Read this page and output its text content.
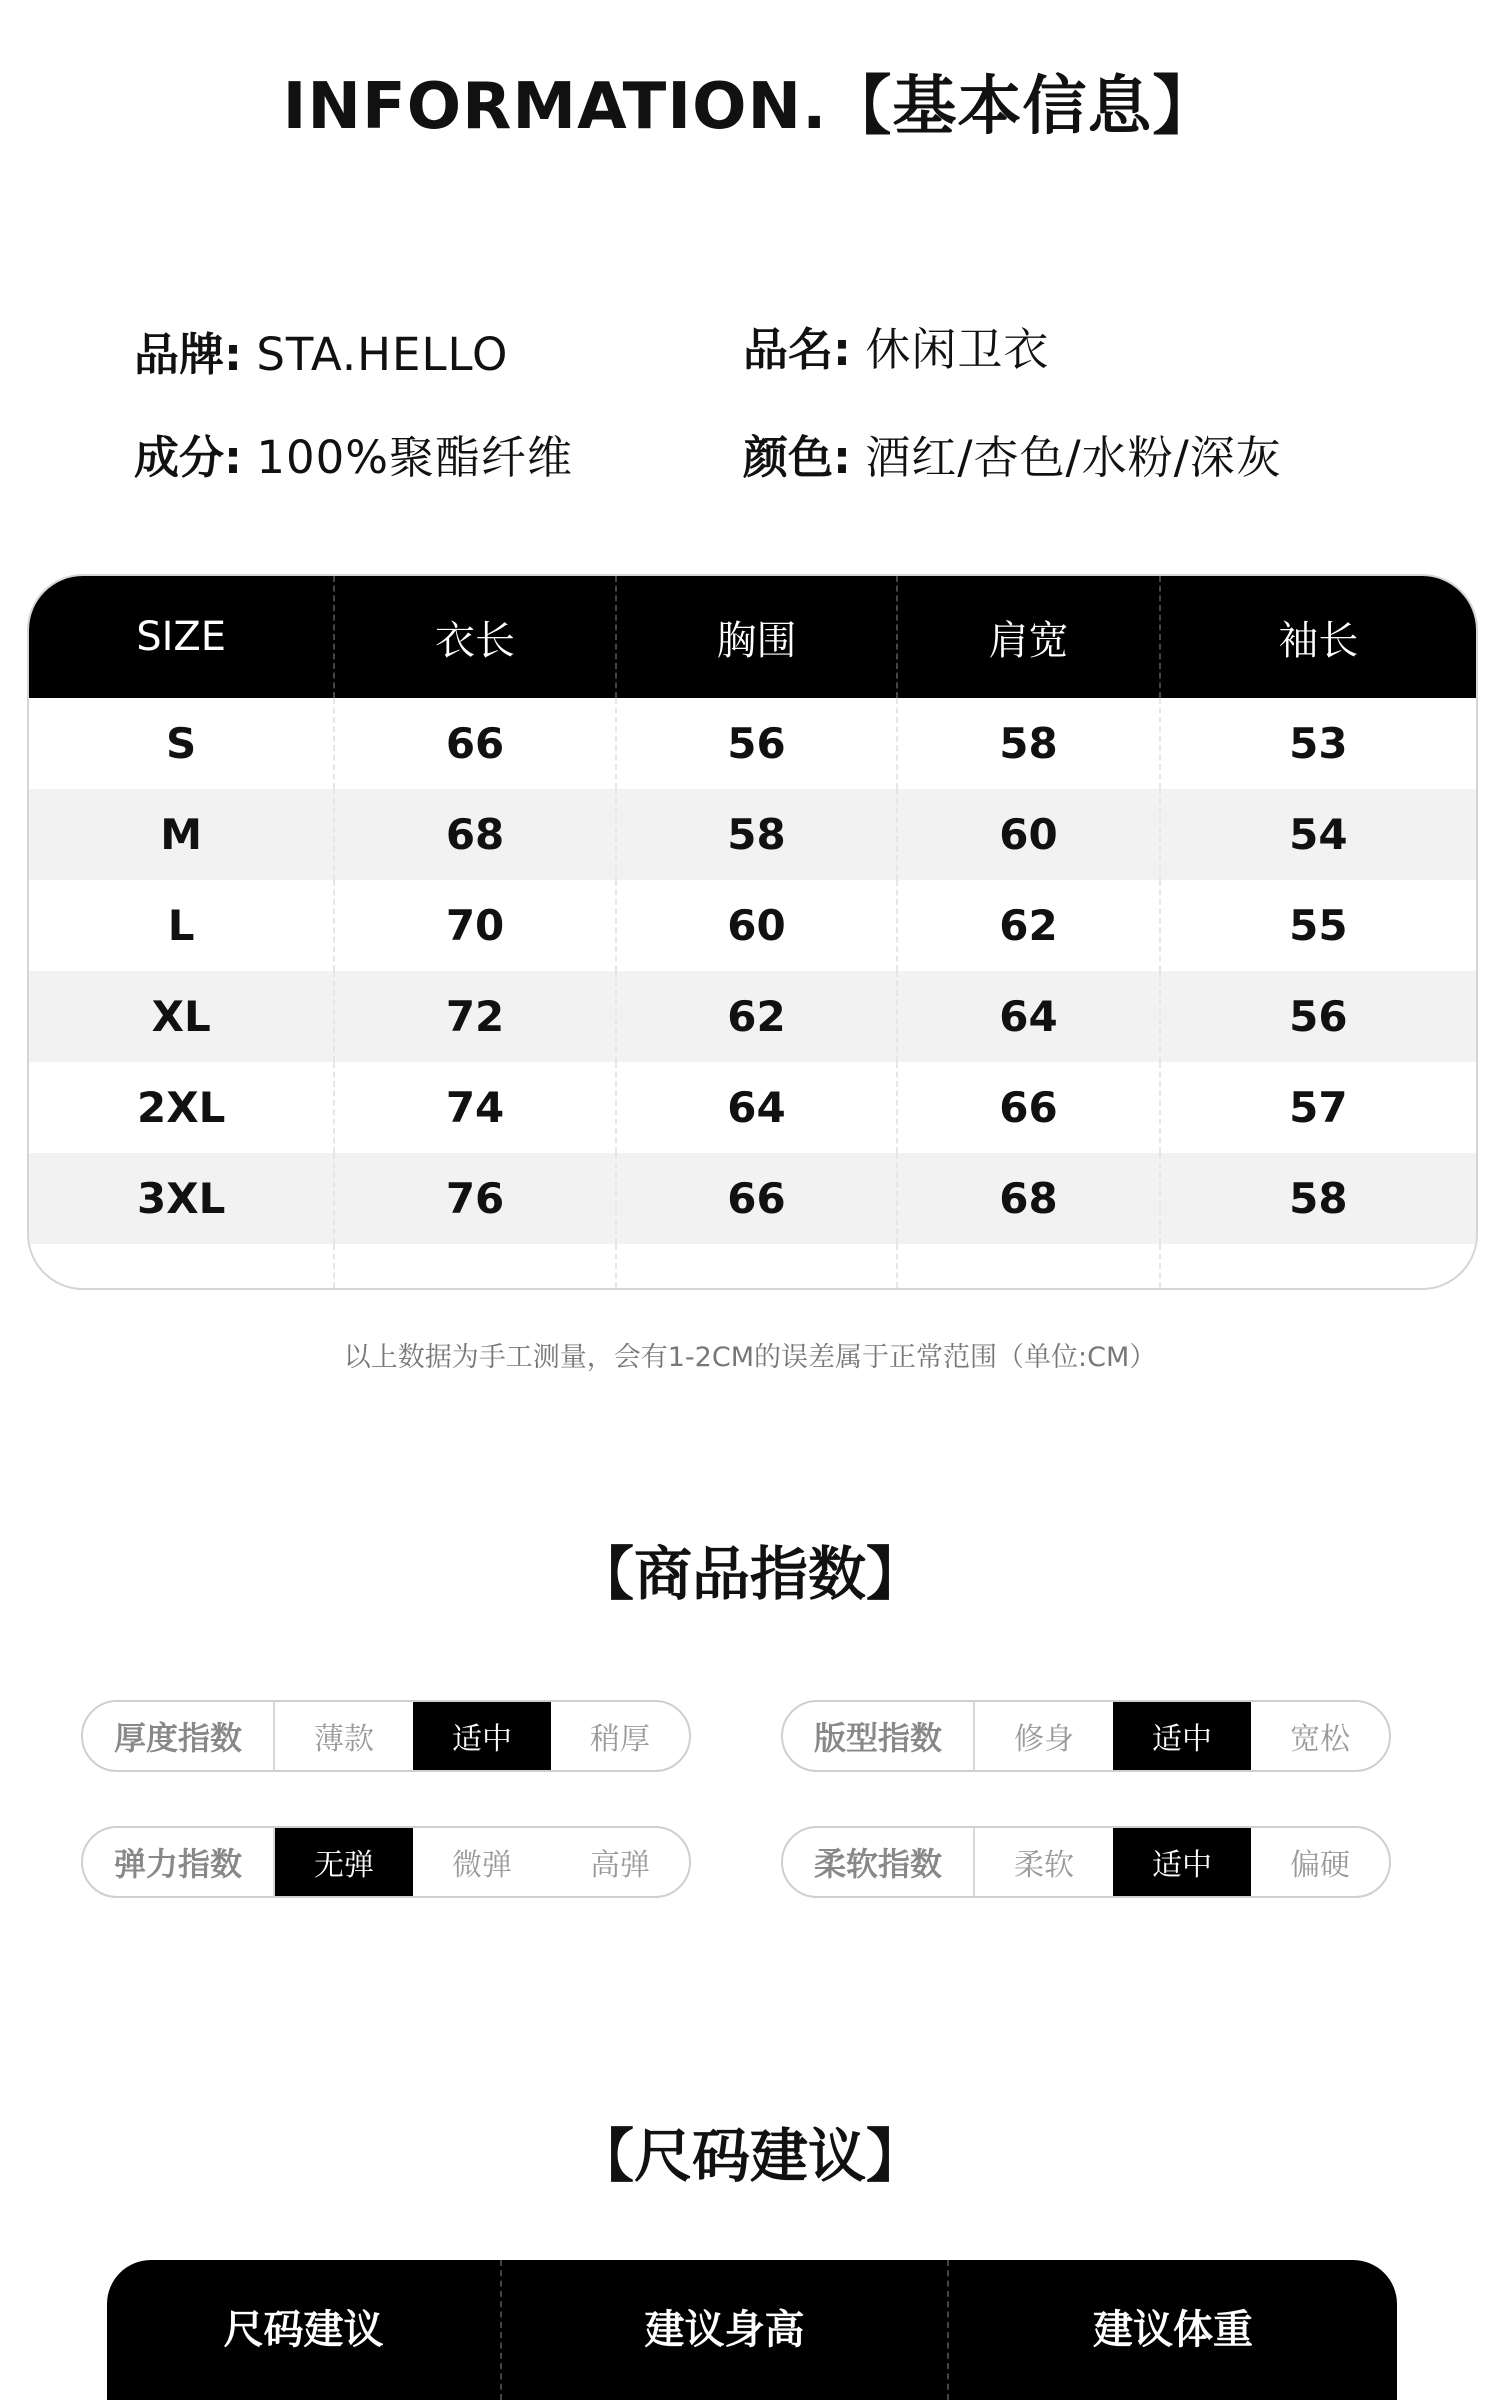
INFORMATION.【基本信息】
品牌: STA.HELLO	品名: 休闲卫衣
成分: 100%聚酯纤维	颜色: 酒红/杏色/水粉/深灰
SIZE	衣长	胸围	肩宽	袖长
S	66	56	58	53
M	68	58	60	54
L	70	60	62	55
XL	72	62	64	56
2XL	74	64	66	57
3XL	76	66	68	58
以上数据为手工测量，会有1-2CM的误差属于正常范围（单位:CM）
【商品指数】
厚度指数	薄款	适中	稍厚	版型指数	修身	适中	宽松
弹力指数	无弹	微弹	高弹	柔软指数	柔软	适中	偏硬
【尺码建议】
尺码建议	建议身高	建议体重
